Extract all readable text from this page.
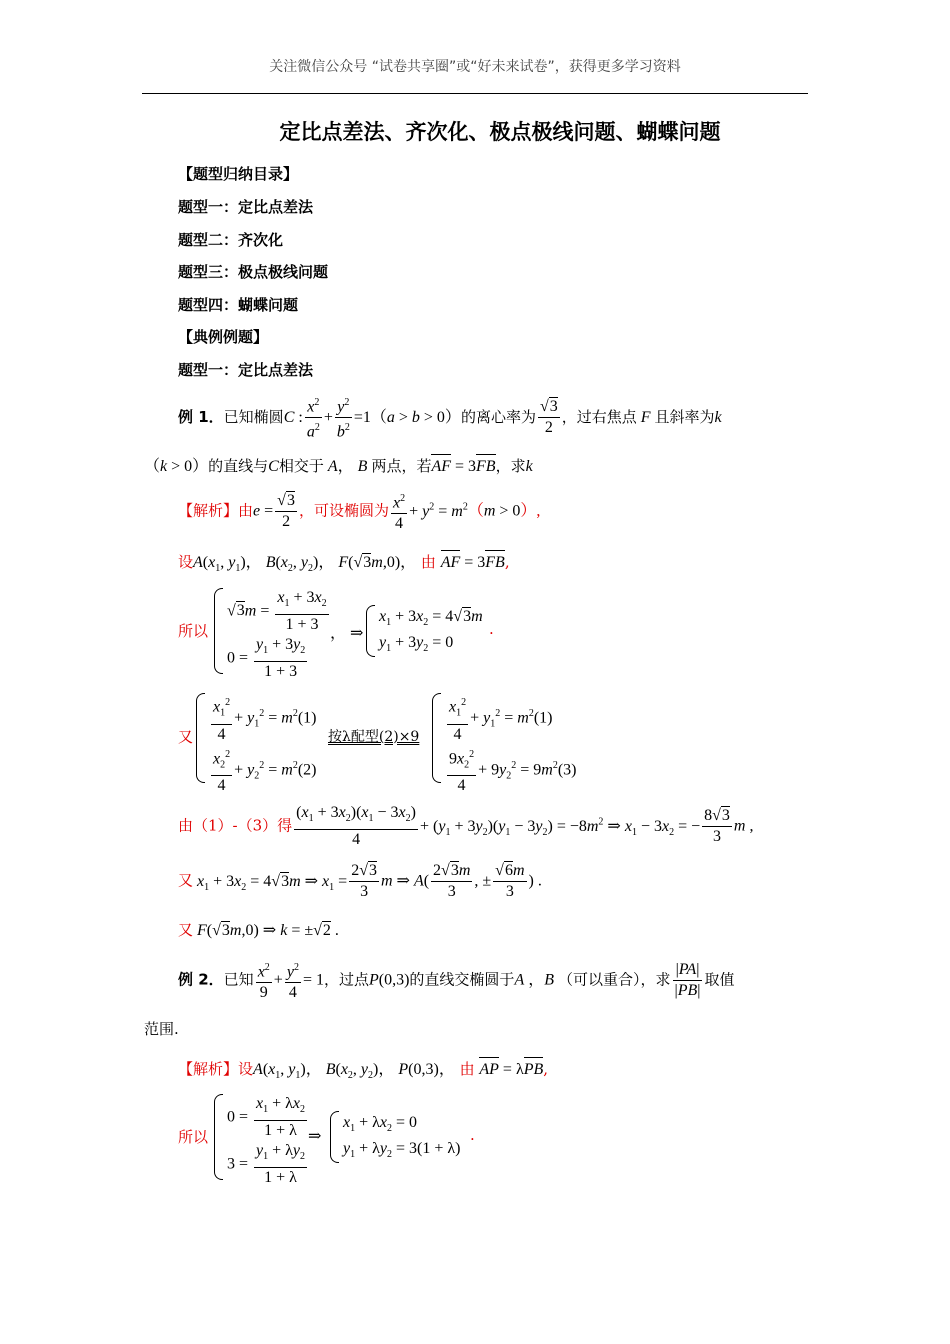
关注微信公众号 “试卷共享圈”或“好未来试卷”，获得更多学习资料
定比点差法、齐次化、极点极线问题、蝴蝶问题
【题型归纳目录】
题型一：定比点差法
题型二：齐次化
题型三：极点极线问题
题型四：蝴蝶问题
【典例例题】
题型一：定比点差法
例 1．已知椭圆C : $\frac{x^2}{a^2} + \frac{y^2}{b^2} =1(a > b > 0)$的离心率为 $\frac{√3}{2}$ ，过右焦点 F 且斜率为k
（k > 0）的直线与C相交于 A， B 两点，若AF = 3FB，求k
【解析】由$e = \frac{√3}{2}$ ，可设椭圆为 $\frac{x^2}{4} + y^2 = m^2(m > 0)$,
设$A(x_1$, $y_1$)， $B(x_2$, $y_2$)， F(√3m,0)， 由 AF = 3FB,
所以
$√3m = \frac{x_1 + 3x_2}{1 + 3}$
$0 = \frac{y_1 + 3y_2}{1 + 3}$
， ⇒
$x_1 + 3x_2 = 4√3m$
$y_1 + 3y_2 = 0$
.
又 $\frac{x_1^2}{4} + y_1^2 = m^2(1)$
$\frac{x_2^2}{4} + y_2^2 = m^2(2)$
按λ配型$(2)\times 9 \frac{x_1^2}{4} + y_1^2 = m^2(1)$
$\frac{9x_2^2}{4} + 9y_2^2 = 9m^2(3)$
由（1）-（3）得 $\frac{(x_1 + 3x_2)(x_1 - 3x_2)}{4} + (y_1 + 3y_2)(y_1 - 3y_2) = -8m^2$ ⇒ $x_1 - 3x_2$ = − $\frac{8√3}{3}$ m ,
又 $x_1 + 3x_2 = 4√3m$ ⇒ $x_1 = \frac{2√3}{3}$ m ⇒ $A( \frac{2√3m}{3}$ , ± $\frac{√6m}{3}$ ) .
又 F(√3m,0) ⇒ k = ±√2 .
例 2．已知 $\frac{x^2}{9} + \frac{y^2}{4} = 1$，过点P(0,3)的直线交椭圆于A ，B （可以重合），求 $\frac{|PA|}{|PB|}$ 取值
范围.
【解析】设$A(x_1$, $y_1$)， $B(x_2$, $y_2$)， P(0,3)， 由 AP = λPB,
所以
$0 = \frac{x_1 + \lambda x_2}{1 + \lambda}$
$3 = \frac{y_1 + \lambda y_2}{1 + \lambda}$
⇒
$x_1 + \lambda x_2 = 0$
$y_1 + \lambda y_2 = 3(1 + \lambda)$
.
